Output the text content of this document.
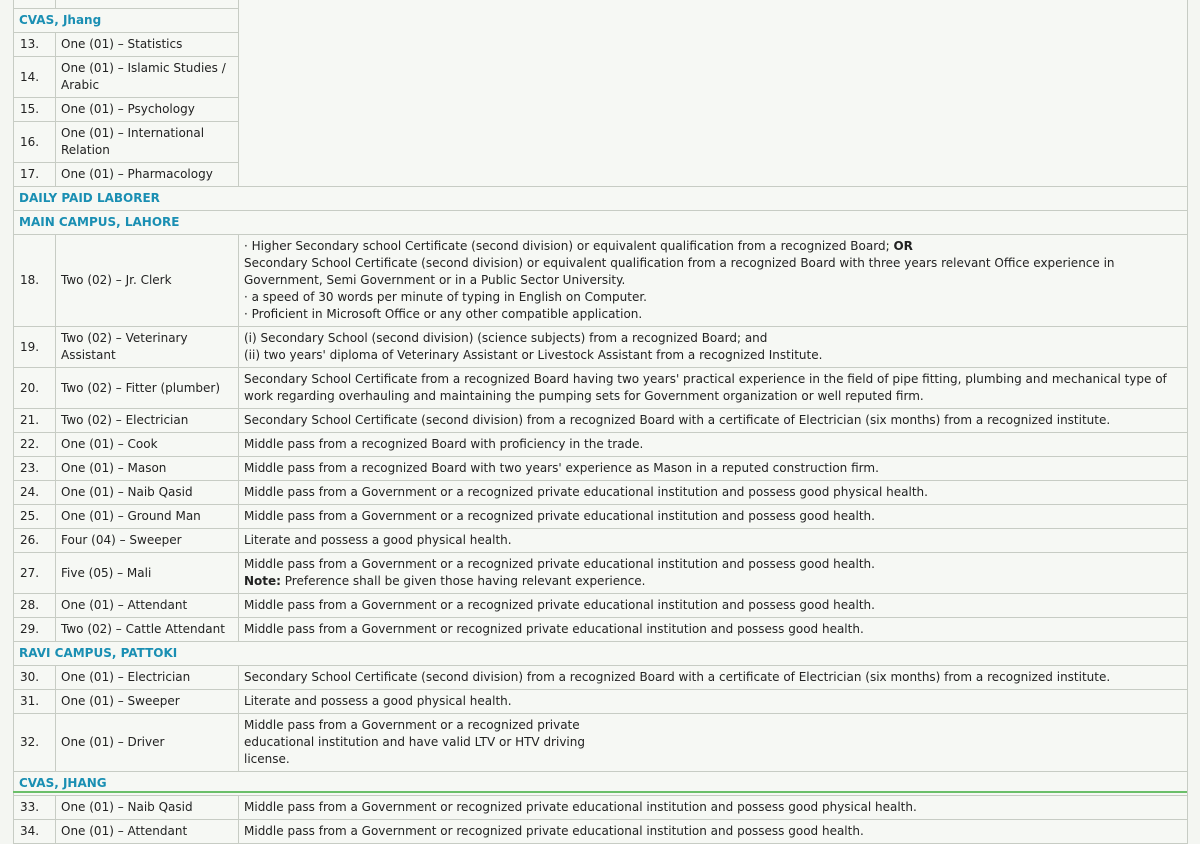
CVAS, Jhang		
13.	One (01) – Statistics	
14.	One (01) – Islamic Studies / Arabic	
15.	One (01) – Psychology	
16.	One (01) – International Relation	
17.	One (01) – Pharmacology	
DAILY PAID LABORER		
MAIN CAMPUS, LAHORE		
18.	Two (02) – Jr. Clerk	· Higher Secondary school Certificate (second division) or equivalent qualification from a recognized Board; OR
Secondary School Certificate (second division) or equivalent qualification from a recognized Board with three years relevant Office experience in Government, Semi Government or in a Public Sector University.
· a speed of 30 words per minute of typing in English on Computer.
· Proficient in Microsoft Office or any other compatible application.

19.	Two (02) – Veterinary Assistant	(i) Secondary School (second division) (science subjects) from a recognized Board; and
(ii) two years' diploma of Veterinary Assistant or Livestock Assistant from a recognized Institute.

20.	Two (02) – Fitter (plumber)	Secondary School Certificate from a recognized Board having two years' practical experience in the field of pipe fitting, plumbing and mechanical type of work regarding overhauling and maintaining the pumping sets for Government organization or well reputed firm.
21.	Two (02) – Electrician	Secondary School Certificate (second division) from a recognized Board with a certificate of Electrician (six months) from a recognized institute.
22.	One (01) – Cook	Middle pass from a recognized Board with proficiency in the trade.
23.	One (01) – Mason	Middle pass from a recognized Board with two years' experience as Mason in a reputed construction firm.
24.	One (01) – Naib Qasid	Middle pass from a Government or a recognized private educational institution and possess good physical health.
25.	One (01) – Ground Man	Middle pass from a Government or a recognized private educational institution and possess good health.
26.	Four (04) – Sweeper	Literate and possess a good physical health.
27.	Five (05) – Mali	Middle pass from a Government or a recognized private educational institution and possess good health.
Note: Preference shall be given those having relevant experience.

28.	One (01) – Attendant	Middle pass from a Government or a recognized private educational institution and possess good health.
29.	Two (02) – Cattle Attendant	Middle pass from a Government or recognized private educational institution and possess good health.
RAVI CAMPUS, PATTOKI		
30.	One (01) – Electrician	Secondary School Certificate (second division) from a recognized Board with a certificate of Electrician (six months) from a recognized institute.
31.	One (01) – Sweeper	Literate and possess a good physical health.
32.	One (01) – Driver	Middle pass from a Government or a recognized private
educational institution and have valid LTV or HTV driving
license.

CVAS, JHANG		
33.	One (01) – Naib Qasid	Middle pass from a Government or recognized private educational institution and possess good physical health.
34.	One (01) – Attendant	Middle pass from a Government or recognized private educational institution and possess good health.
